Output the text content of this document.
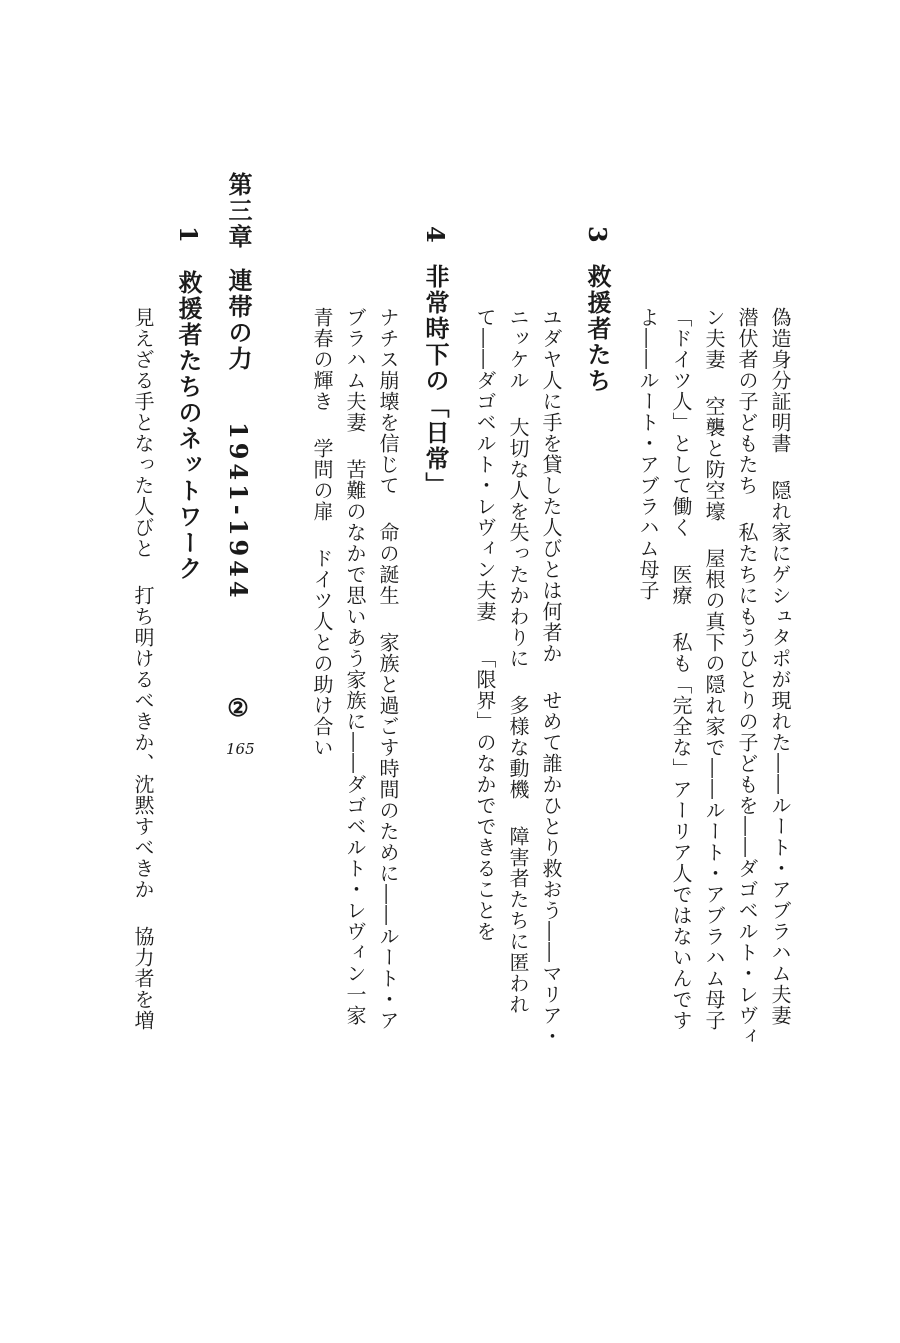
3
救援者たち	偽造身分証明書隠れ家にゲシュタポが現れた――ルート・アブラハム夫妻
潜伏者の子どもたち私たちにもうひとりの子どもを――ダゴベルト・レヴィ
ン夫妻空襲と防空壕屋根の真下の隠れ家で――ルート・アブラハム母子
「ドイツ人」として働く医療私も「完全な」アーリア人ではないんです
よ――ルート・アブラハム母子
ユダヤ人に手を貸した人びとは何者かせめて誰かひとり救おう――マリア・
ニッケル大切な人を失ったかわりに多様な動機障害者たちに匿われ
て――ダゴベルト・レヴィン夫妻「限界」のなかでできることを
4
非常時下の「日常」
ナチス崩壊を信じて命の誕生家族と過ごす時間のために――ルート・ア
ブラハム夫妻苦難のなかで思いあう家族に――ダゴベルト・レヴィン一家
青春の輝き学問の扉ドイツ人との助け合い
第三章
連帯の力
1941-1944
②
165
1
救援者たちのネットワーク
見えざる手となった人びと打ち明けるべきか、沈黙すべきか協力者を増
